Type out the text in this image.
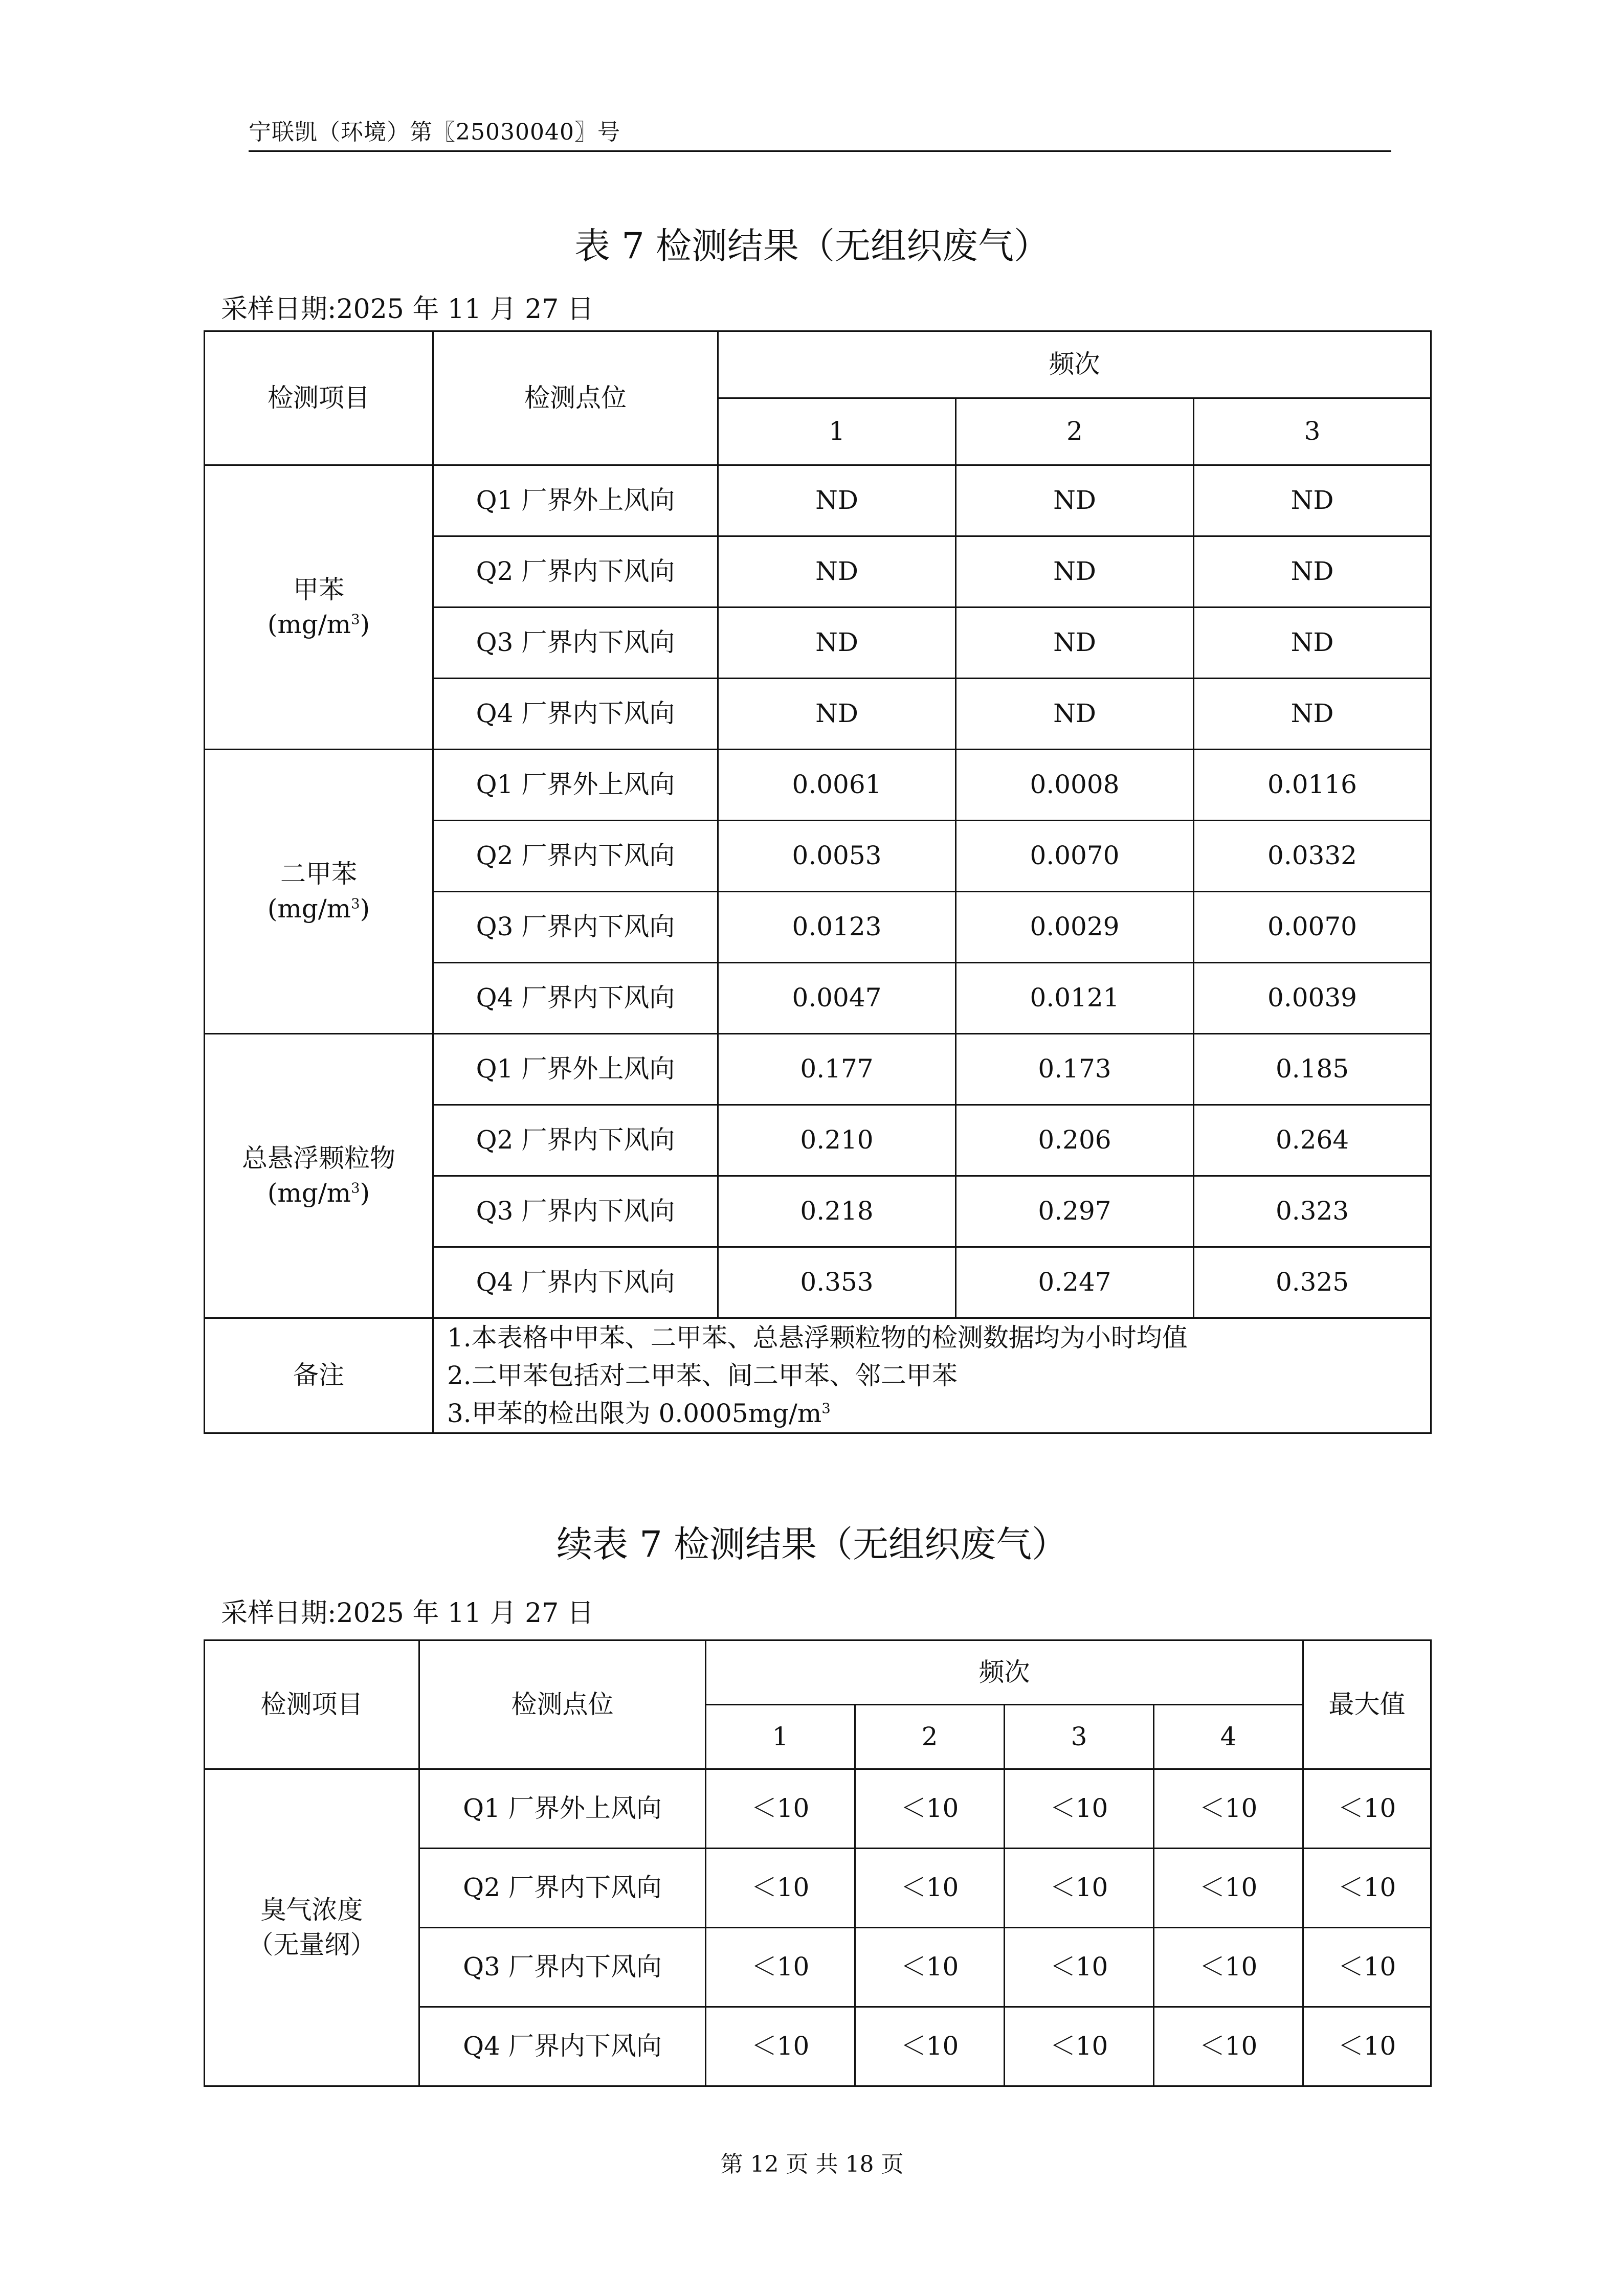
宁联凯（环境）第〖25030040〗号
表 7 检测结果（无组织废气）
采样日期:2025 年 11 月 27 日
检测项目	检测点位	频次		
		1	2	3

甲苯
$(mg/m^3)$	Q1 厂界外上风向	ND	ND	ND
	Q2 厂界内下风向	ND	ND	ND
	Q3 厂界内下风向	ND	ND	ND
	Q4 厂界内下风向	ND	ND	ND

二甲苯
$(mg/m^3)$	Q1 厂界外上风向	0.0061	0.0008	0.0116
	Q2 厂界内下风向	0.0053	0.0070	0.0332
	Q3 厂界内下风向	0.0123	0.0029	0.0070
	Q4 厂界内下风向	0.0047	0.0121	0.0039

总悬浮颗粒物
$(mg/m^3)$	Q1 厂界外上风向	0.177	0.173	0.185
	Q2 厂界内下风向	0.210	0.206	0.264
	Q3 厂界内下风向	0.218	0.297	0.323
	Q4 厂界内下风向	0.353	0.247	0.325
备注	1.本表格中甲苯、二甲苯、总悬浮颗粒物的检测数据均为小时均值
2.二甲苯包括对二甲苯、间二甲苯、邻二甲苯
3.甲苯的检出限为 $0.0005mg/m^3$
续表 7 检测结果（无组织废气）
采样日期:2025 年 11 月 27 日
检测项目	检测点位	频次				最大值
		1	2	3	4	

臭气浓度
（无量纲）	Q1 厂界外上风向	＜10	＜10	＜10	＜10	＜10
	Q2 厂界内下风向	＜10	＜10	＜10	＜10	＜10
	Q3 厂界内下风向	＜10	＜10	＜10	＜10	＜10
	Q4 厂界内下风向	＜10	＜10	＜10	＜10	＜10
第 12 页 共 18 页
